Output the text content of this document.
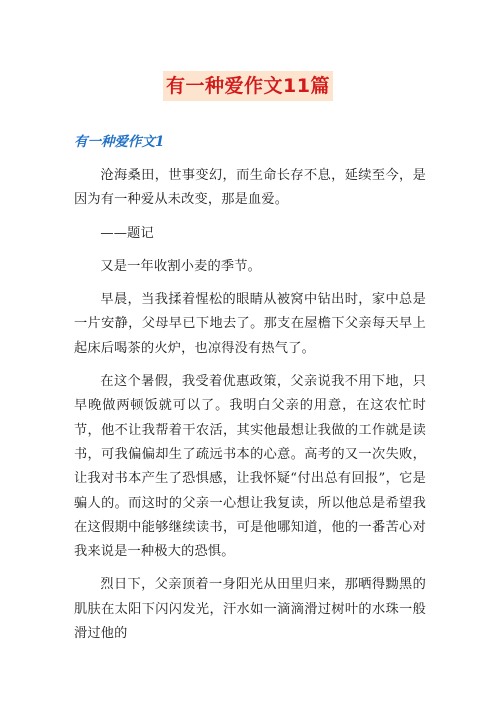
有一种爱作文11篇

有一种爱作文1

沧海桑田，世事变幻，而生命长存不息，延续至今，是因为有一种爱从未改变，那是血爱。

——题记

又是一年收割小麦的季节。

早晨，当我揉着惺松的眼睛从被窝中钻出时，家中总是一片安静，父母早已下地去了。那支在屋檐下父亲每天早上起床后喝茶的火炉，也凉得没有热气了。

在这个暑假，我受着优惠政策，父亲说我不用下地，只早晚做两顿饭就可以了。我明白父亲的用意，在这农忙时节，他不让我帮着干农活，其实他最想让我做的工作就是读书，可我偏偏却生了疏远书本的心意。高考的又一次失败，让我对书本产生了恐惧感，让我怀疑“付出总有回报”，它是骗人的。而这时的父亲一心想让我复读，所以他总是希望我在这假期中能够继续读书，可是他哪知道，他的一番苦心对我来说是一种极大的恐惧。

烈日下，父亲顶着一身阳光从田里归来，那晒得黝黑的肌肤在太阳下闪闪发光，汗水如一滴滴滑过树叶的水珠一般滑过他的
